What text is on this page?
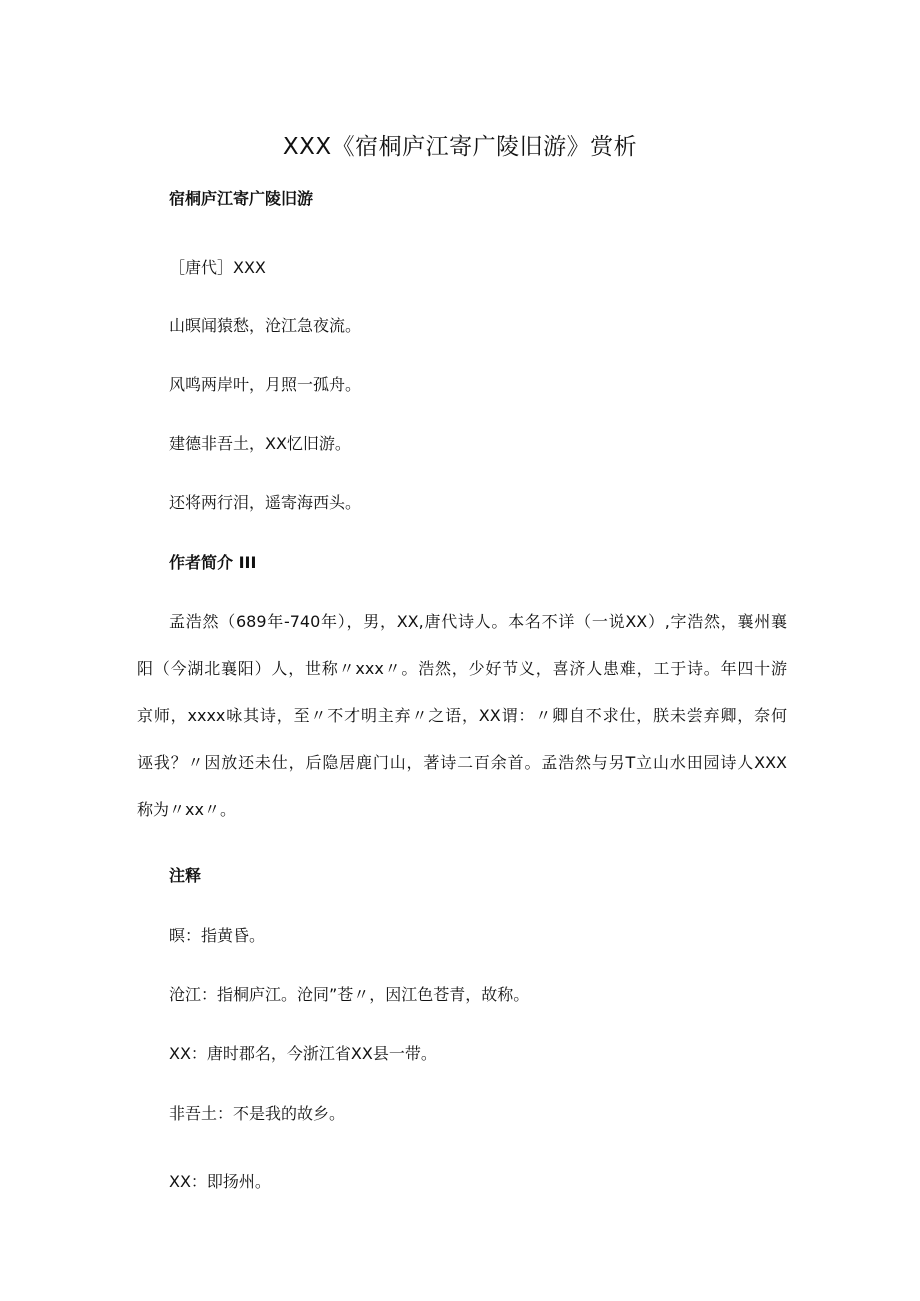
XXX《宿桐庐江寄广陵旧游》赏析
宿桐庐江寄广陵旧游
［唐代］XXX
山暝闻猿愁，沧江急夜流。
风鸣两岸叶，月照一孤舟。
建德非吾土，XX忆旧游。
还将两行泪，遥寄海西头。
作者简介 III
孟浩然（689年-740年），男，XX,唐代诗人。本名不详（一说XX）,字浩然，襄州襄
阳（今湖北襄阳）人，世称〃xxx〃。浩然，少好节义，喜济人患难，工于诗。年四十游
京师，xxxx咏其诗，至〃不才明主弃〃之语，XX谓：〃卿自不求仕，朕未尝弃卿，奈何
诬我？〃因放还未仕，后隐居鹿门山，著诗二百余首。孟浩然与另T立山水田园诗人XXX
称为〃xx〃。
注释
暝：指黄昏。
沧江：指桐庐江。沧同”苍〃，因江色苍青，故称。
XX：唐时郡名，今浙江省XX县一带。
非吾土：不是我的故乡。
XX：即扬州。
